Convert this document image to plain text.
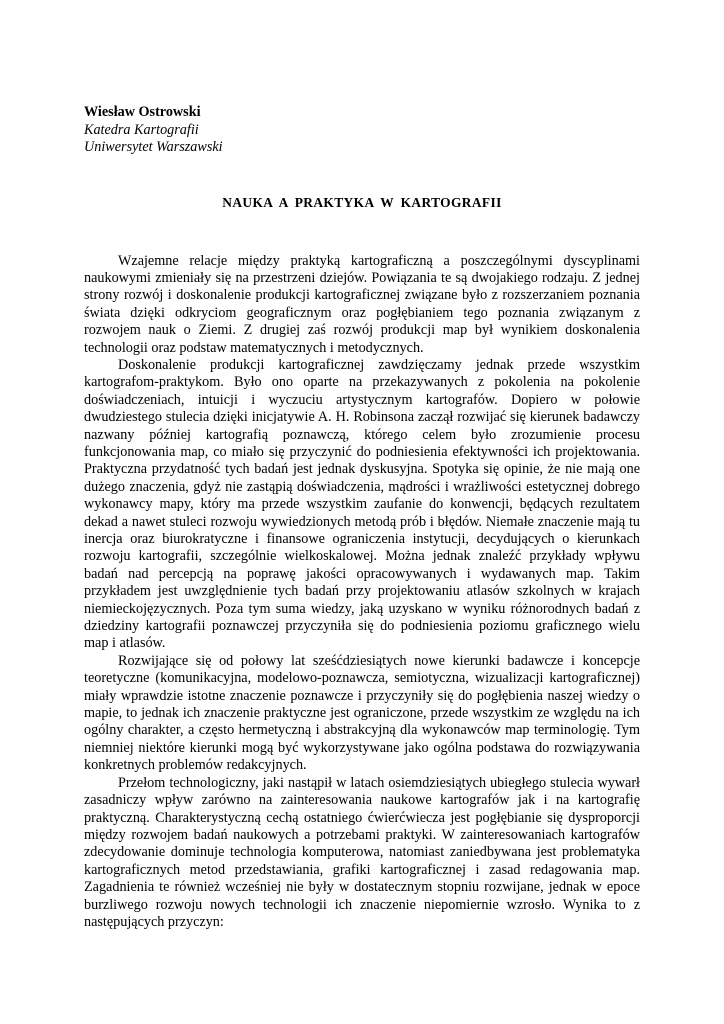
Wiesław Ostrowski

Katedra Kartografii

Uniwersytet Warszawski

NAUKA A PRAKTYKA W KARTOGRAFII

Wzajemne relacje między praktyką kartograficzną a poszczególnymi dyscyplinami naukowymi zmieniały się na przestrzeni dziejów. Powiązania te są dwojakiego rodzaju. Z jednej strony rozwój i doskonalenie produkcji kartograficznej związane było z rozszerzaniem poznania świata dzięki odkryciom geograficznym oraz pogłębianiem tego poznania związanym z rozwojem nauk o Ziemi. Z drugiej zaś rozwój produkcji map był wynikiem doskonalenia technologii oraz podstaw matematycznych i metodycznych.

Doskonalenie produkcji kartograficznej zawdzięczamy jednak przede wszystkim kartografom-praktykom. Było ono oparte na przekazywanych z pokolenia na pokolenie doświadczeniach, intuicji i wyczuciu artystycznym kartografów. Dopiero w połowie dwudziestego stulecia dzięki inicjatywie A. H. Robinsona zaczął rozwijać się kierunek badawczy nazwany później kartografią poznawczą, którego celem było zrozumienie procesu funkcjonowania map, co miało się przyczynić do podniesienia efektywności ich projektowania. Praktyczna przydatność tych badań jest jednak dyskusyjna. Spotyka się opinie, że nie mają one dużego znaczenia, gdyż nie zastąpią doświadczenia, mądrości i wrażliwości estetycznej dobrego wykonawcy mapy, który ma przede wszystkim zaufanie do konwencji, będących rezultatem dekad a nawet stuleci rozwoju wywiedzionych metodą prób i błędów. Niemałe znaczenie mają tu inercja oraz biurokratyczne i finansowe ograniczenia instytucji, decydujących o kierunkach rozwoju kartografii, szczególnie wielkoskalowej. Można jednak znaleźć przykłady wpływu badań nad percepcją na poprawę jakości opracowywanych i wydawanych map. Takim przykładem jest uwzględnienie tych badań przy projektowaniu atlasów szkolnych w krajach niemieckojęzycznych. Poza tym suma wiedzy, jaką uzyskano w wyniku różnorodnych badań z dziedziny kartografii poznawczej przyczyniła się do podniesienia poziomu graficznego wielu map i atlasów.

Rozwijające się od połowy lat sześćdziesiątych nowe kierunki badawcze i koncepcje teoretyczne (komunikacyjna, modelowo-poznawcza, semiotyczna, wizualizacji kartograficznej) miały wprawdzie istotne znaczenie poznawcze i przyczyniły się do pogłębienia naszej wiedzy o mapie, to jednak ich znaczenie praktyczne jest ograniczone, przede wszystkim ze względu na ich ogólny charakter, a często hermetyczną i abstrakcyjną dla wykonawców map terminologię. Tym niemniej niektóre kierunki mogą być wykorzystywane jako ogólna podstawa do rozwiązywania konkretnych problemów redakcyjnych.

Przełom technologiczny, jaki nastąpił w latach osiemdziesiątych ubiegłego stulecia wywarł zasadniczy wpływ zarówno na zainteresowania naukowe kartografów jak i na kartografię praktyczną. Charakterystyczną cechą ostatniego ćwierćwiecza jest pogłębianie się dysproporcji między rozwojem badań naukowych a potrzebami praktyki. W zainteresowaniach kartografów zdecydowanie dominuje technologia komputerowa, natomiast zaniedbywana jest problematyka kartograficznych metod przedstawiania, grafiki kartograficznej i zasad redagowania map. Zagadnienia te również wcześniej nie były w dostatecznym stopniu rozwijane, jednak w epoce burzliwego rozwoju nowych technologii ich znaczenie niepomiernie wzrosło. Wynika to z następujących przyczyn:
